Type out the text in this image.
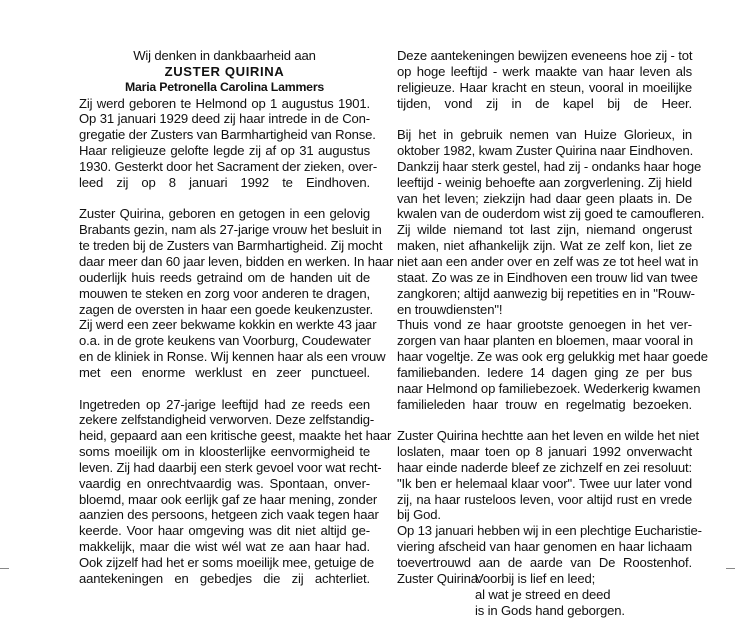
Wij denken in dankbaarheid aan
ZUSTER QUIRINA
Maria Petronella Carolina Lammers
Zij werd geboren te Helmond op 1 augustus 1901.
Op 31 januari 1929 deed zij haar intrede in de Con-
gregatie der Zusters van Barmhartigheid van Ronse.
Haar religieuze gelofte legde zij af op 31 augustus
1930. Gesterkt door het Sacrament der zieken, over-
leed zij op 8 januari 1992 te Eindhoven.
Zuster Quirina, geboren en getogen in een gelovig
Brabants gezin, nam als 27-jarige vrouw het besluit in
te treden bij de Zusters van Barmhartigheid. Zij mocht
daar meer dan 60 jaar leven, bidden en werken. In haar
ouderlijk huis reeds getraind om de handen uit de
mouwen te steken en zorg voor anderen te dragen,
zagen de oversten in haar een goede keukenzuster.
Zij werd een zeer bekwame kokkin en werkte 43 jaar
o.a. in de grote keukens van Voorburg, Coudewater
en de kliniek in Ronse. Wij kennen haar als een vrouw
met een enorme werklust en zeer punctueel.
Ingetreden op 27-jarige leeftijd had ze reeds een
zekere zelfstandigheid verworven. Deze zelfstandig-
heid, gepaard aan een kritische geest, maakte het haar
soms moeilijk om in kloosterlijke eenvormigheid te
leven. Zij had daarbij een sterk gevoel voor wat recht-
vaardig en onrechtvaardig was. Spontaan, onver-
bloemd, maar ook eerlijk gaf ze haar mening, zonder
aanzien des persoons, hetgeen zich vaak tegen haar
keerde. Voor haar omgeving was dit niet altijd ge-
makkelijk, maar die wist wél wat ze aan haar had.
Ook zijzelf had het er soms moeilijk mee, getuige de
aantekeningen en gebedjes die zij achterliet.
Deze aantekeningen bewijzen eveneens hoe zij - tot
op hoge leeftijd - werk maakte van haar leven als
religieuze. Haar kracht en steun, vooral in moeilijke
tijden, vond zij in de kapel bij de Heer.
Bij het in gebruik nemen van Huize Glorieux, in
oktober 1982, kwam Zuster Quirina naar Eindhoven.
Dankzij haar sterk gestel, had zij - ondanks haar hoge
leeftijd - weinig behoefte aan zorgverlening. Zij hield
van het leven; ziekzijn had daar geen plaats in. De
kwalen van de ouderdom wist zij goed te camoufleren.
Zij wilde niemand tot last zijn, niemand ongerust
maken, niet afhankelijk zijn. Wat ze zelf kon, liet ze
niet aan een ander over en zelf was ze tot heel wat in
staat. Zo was ze in Eindhoven een trouw lid van twee
zangkoren; altijd aanwezig bij repetities en in "Rouw-
en trouwdiensten"!
Thuis vond ze haar grootste genoegen in het ver-
zorgen van haar planten en bloemen, maar vooral in
haar vogeltje. Ze was ook erg gelukkig met haar goede
familiebanden. Iedere 14 dagen ging ze per bus
naar Helmond op familiebezoek. Wederkerig kwamen
familieleden haar trouw en regelmatig bezoeken.
Zuster Quirina hechtte aan het leven en wilde het niet
loslaten, maar toen op 8 januari 1992 onverwacht
haar einde naderde bleef ze zichzelf en zei resoluut:
"Ik ben er helemaal klaar voor". Twee uur later vond
zij, na haar rusteloos leven, voor altijd rust en vrede
bij God.
Op 13 januari hebben wij in een plechtige Eucharistie-
viering afscheid van haar genomen en haar lichaam
toevertrouwd aan de aarde van De Roostenhof.
Zuster Quirina:
Voorbij is lief en leed;
al wat je streed en deed
is in Gods hand geborgen.
